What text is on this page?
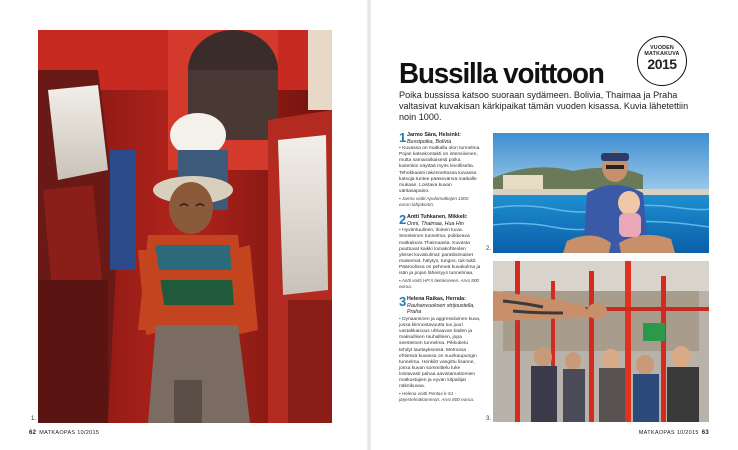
1.
62 MATKAOPAS 10/2015	MATKAOPAS 10/2015 63
VUODEN
MATKAKUVA
2015
Bussilla voittoon

Poika bussissa katsoo suoraan sydämeen. Bolivia, Thaimaa ja Praha valtasivat kuvakisan kärkipaikat tämän vuoden kisassa. Kuvia lähetettiin noin 1000.

1 Jarmo Sära, Helsinki:
Bussipoika, Bolivia
▪ Kuvassa on matkalla olon tunnelma. Pojan katsekontakti on intensiivinen, mutta samanaikaisesti poika kuitenkin näyttää myös levolliselta. Tehokkaasti rakennettussa kuvassa katsoja tuntee pääsevänsä matkalle mukaan. Loistava kuvan väritasapaino.
▪ Jarmo voitti Apolomatkojen 1000 euron lahjakortin.
2 Antti Tuhkanen, Mikkeli:
Onni, Thaimaa, Hua Hin
▪ Hyväntuulinen, iloinen kuva. Seesteinen tunnelma, poikkeava matkakuva Thaimaasta. Kuvasta puuttuvat kaikki lomakohteiden yleiset kuvakulmat: paratiisimaiset maisemat, hälytys, tungos, tuk-tukit. Pääroolissa on pehmeä kuvakulma ja isän ja pojan läheisyys tunnelmaa.
▪ Antti voitti HP:n tietokoneen. Arvo 800 euroa.
3 Helena Raikas, Herrala:
Rauhanvuoksen strijoustella, Praha
▪ Dynaaminen ja aggressiivinen kuva, jossa kiinnostavuutta luo juuri vastakkaisuus uhkaavan käden ja maksullisen rauhallinen, jopa seesteinen tunnelma. Pikkuketu tehdyt lauttayksessä. Metrossa ehtiessä kuvassa on suurkaupungin tunnelma. Henkilö vangittu lisanne, jossa kuvan sommittelu luke loistavasti pahaa aavistamattomien matkustajien ja eyvän kilpailijat näköikuvaa.
▪ Helena voitti Pentax k-S1 -järjestelmäkameran. Arvo 800 euroa.
2.
3.
